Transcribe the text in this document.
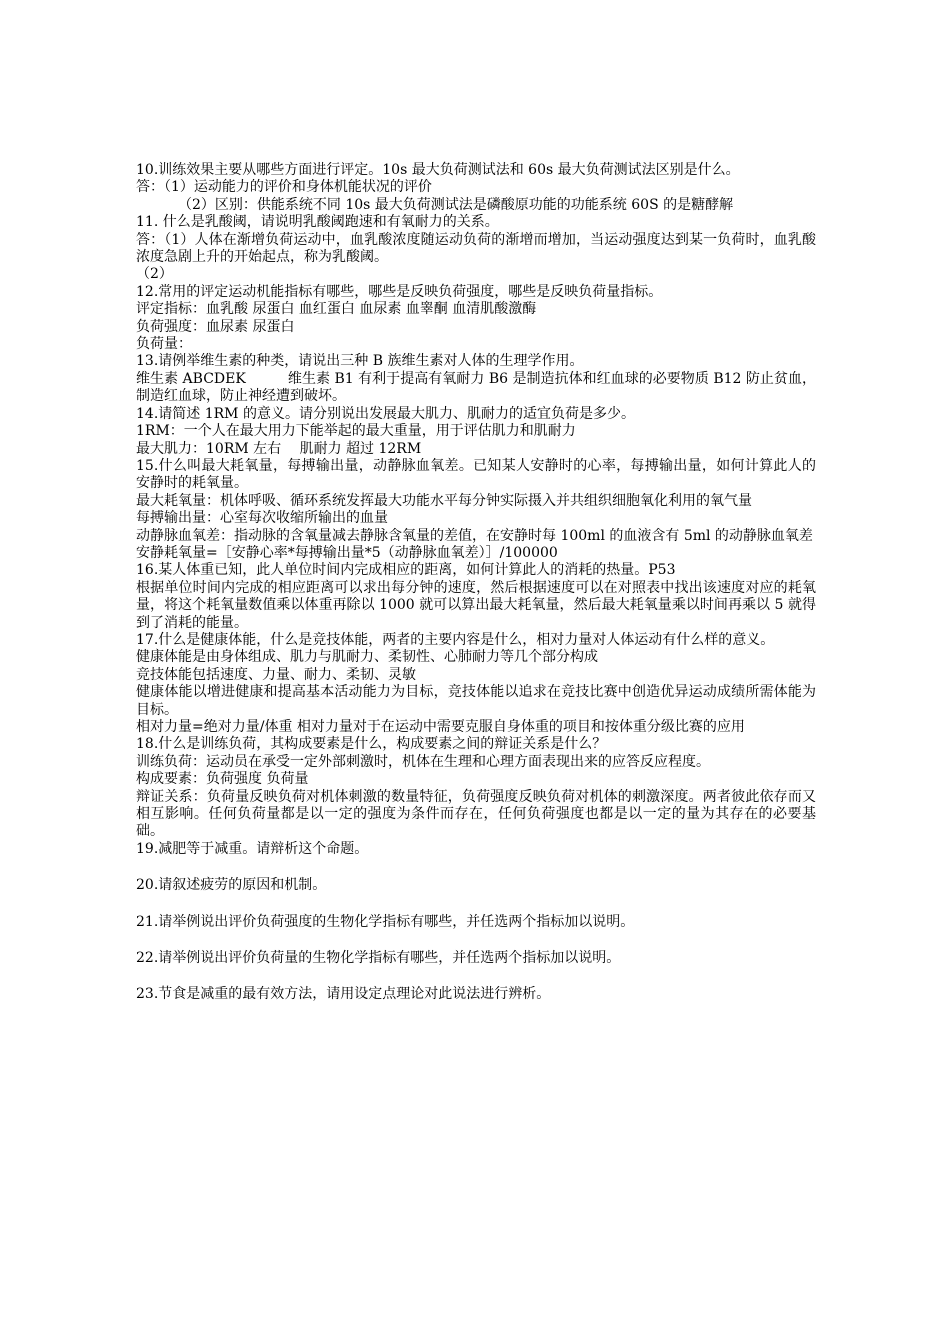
10.训练效果主要从哪些方面进行评定。10s 最大负荷测试法和 60s 最大负荷测试法区别是什么。

答：（1）运动能力的评价和身体机能状况的评价

（2）区别：供能系统不同 10s 最大负荷测试法是磷酸原功能的功能系统 60S 的是糖酵解

11. 什么是乳酸阈，请说明乳酸阈跑速和有氧耐力的关系。

答：（1）人体在渐增负荷运动中，血乳酸浓度随运动负荷的渐增而增加，当运动强度达到某一负荷时，血乳酸浓度急剧上升的开始起点，称为乳酸阈。

（2）

12.常用的评定运动机能指标有哪些，哪些是反映负荷强度，哪些是反映负荷量指标。

评定指标：血乳酸 尿蛋白 血红蛋白 血尿素 血睾酮 血清肌酸激酶

负荷强度：血尿素 尿蛋白

负荷量：

13.请例举维生素的种类，请说出三种 B 族维生素对人体的生理学作用。

维生素 ABCDEK　　　维生素 B1 有利于提高有氧耐力 B6 是制造抗体和红血球的必要物质 B12 防止贫血，制造红血球，防止神经遭到破坏。

14.请简述 1RM 的意义。请分别说出发展最大肌力、肌耐力的适宜负荷是多少。

1RM：一个人在最大用力下能举起的最大重量，用于评估肌力和肌耐力

最大肌力：10RM 左右　 肌耐力 超过 12RM

15.什么叫最大耗氧量，每搏输出量，动静脉血氧差。已知某人安静时的心率，每搏输出量，如何计算此人的安静时的耗氧量。

最大耗氧量：机体呼吸、循环系统发挥最大功能水平每分钟实际摄入并共组织细胞氧化利用的氧气量

每搏输出量：心室每次收缩所输出的血量

动静脉血氧差：指动脉的含氧量减去静脉含氧量的差值，在安静时每 100ml 的血液含有 5ml 的动静脉血氧差

安静耗氧量=［安静心率*每搏输出量*5（动静脉血氧差）］/100000

16.某人体重已知，此人单位时间内完成相应的距离，如何计算此人的消耗的热量。P53

根据单位时间内完成的相应距离可以求出每分钟的速度，然后根据速度可以在对照表中找出该速度对应的耗氧量，将这个耗氧量数值乘以体重再除以 1000 就可以算出最大耗氧量，然后最大耗氧量乘以时间再乘以 5 就得到了消耗的能量。

17.什么是健康体能，什么是竞技体能，两者的主要内容是什么，相对力量对人体运动有什么样的意义。

健康体能是由身体组成、肌力与肌耐力、柔韧性、心肺耐力等几个部分构成

竞技体能包括速度、力量、耐力、柔韧、灵敏

健康体能以增进健康和提高基本活动能力为目标，竞技体能以追求在竞技比赛中创造优异运动成绩所需体能为目标。

相对力量=绝对力量/体重 相对力量对于在运动中需要克服自身体重的项目和按体重分级比赛的应用

18.什么是训练负荷，其构成要素是什么，构成要素之间的辩证关系是什么？

训练负荷：运动员在承受一定外部刺激时，机体在生理和心理方面表现出来的应答反应程度。

构成要素：负荷强度 负荷量

辩证关系：负荷量反映负荷对机体刺激的数量特征，负荷强度反映负荷对机体的刺激深度。两者彼此依存而又相互影响。任何负荷量都是以一定的强度为条件而存在，任何负荷强度也都是以一定的量为其存在的必要基础。

19.减肥等于减重。请辩析这个命题。

20.请叙述疲劳的原因和机制。

21.请举例说出评价负荷强度的生物化学指标有哪些，并任选两个指标加以说明。

22.请举例说出评价负荷量的生物化学指标有哪些，并任选两个指标加以说明。

23.节食是减重的最有效方法，请用设定点理论对此说法进行辨析。
